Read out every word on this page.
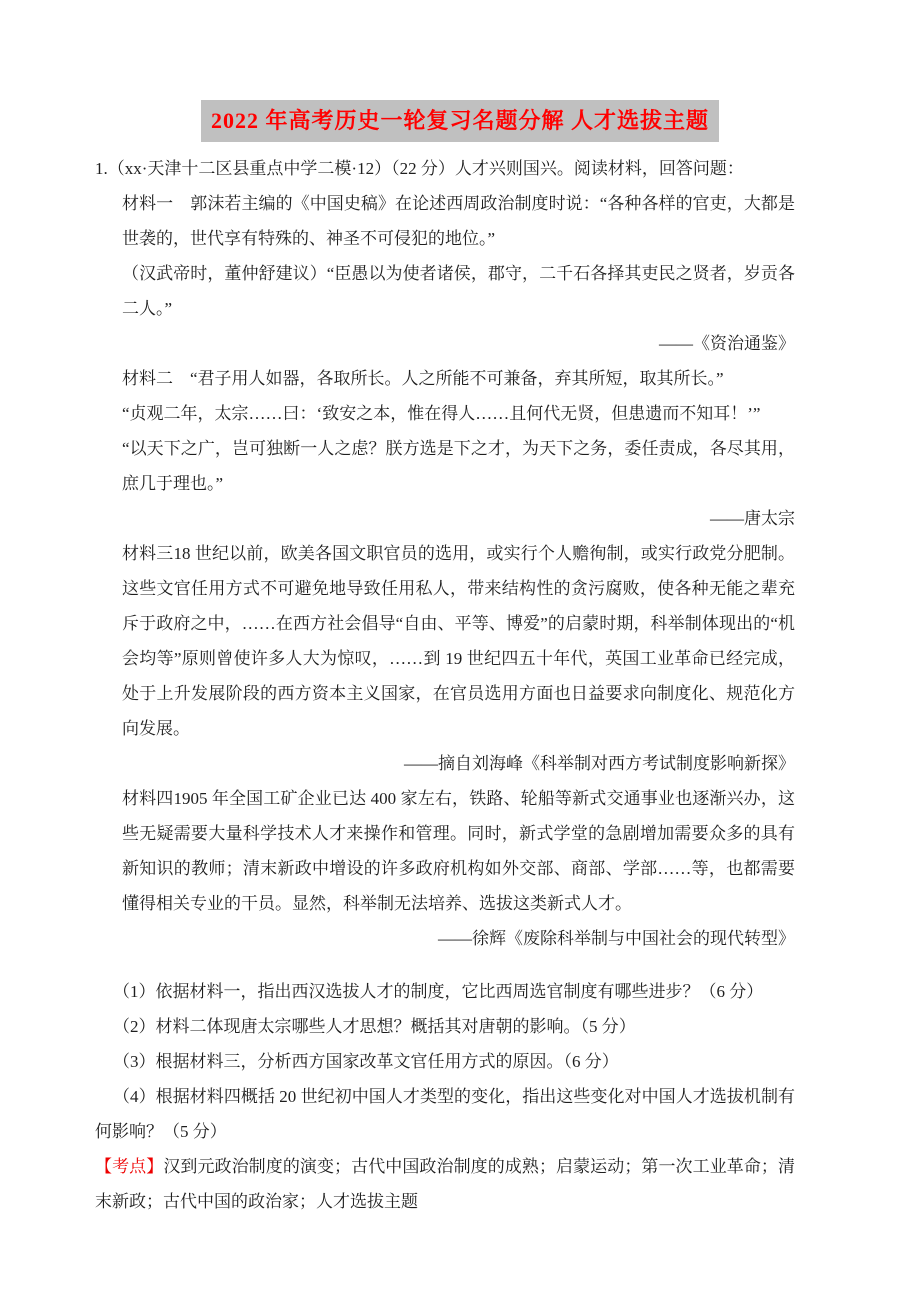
2022 年高考历史一轮复习名题分解 人才选拔主题

1.（xx·天津十二区县重点中学二模·12）（22 分）人才兴则国兴。阅读材料，回答问题：

材料一　郭沫若主编的《中国史稿》在论述西周政治制度时说：“各种各样的官吏，大都是世袭的，世代享有特殊的、神圣不可侵犯的地位。”

（汉武帝时，董仲舒建议）“臣愚以为使者诸侯，郡守，二千石各择其吏民之贤者，岁贡各二人。”

——《资治通鉴》

材料二　“君子用人如器，各取所长。人之所能不可兼备，弃其所短，取其所长。”

“贞观二年，太宗……曰：‘致安之本，惟在得人……且何代无贤，但患遗而不知耳！’”

“以天下之广，岂可独断一人之虑？朕方选是下之才，为天下之务，委任责成，各尽其用，庶几于理也。”

——唐太宗

材料三18 世纪以前，欧美各国文职官员的选用，或实行个人赡徇制，或实行政党分肥制。这些文官任用方式不可避免地导致任用私人，带来结构性的贪污腐败，使各种无能之辈充斥于政府之中，……在西方社会倡导“自由、平等、博爱”的启蒙时期，科举制体现出的“机会均等”原则曾使许多人大为惊叹，……到 19 世纪四五十年代，英国工业革命已经完成，处于上升发展阶段的西方资本主义国家，在官员选用方面也日益要求向制度化、规范化方向发展。

——摘自刘海峰《科举制对西方考试制度影响新探》

材料四1905 年全国工矿企业已达 400 家左右，铁路、轮船等新式交通事业也逐渐兴办，这些无疑需要大量科学技术人才来操作和管理。同时，新式学堂的急剧增加需要众多的具有新知识的教师；清末新政中增设的许多政府机构如外交部、商部、学部……等，也都需要懂得相关专业的干员。显然，科举制无法培养、选拔这类新式人才。

——徐辉《废除科举制与中国社会的现代转型》

（1）依据材料一，指出西汉选拔人才的制度，它比西周选官制度有哪些进步？（6 分）

（2）材料二体现唐太宗哪些人才思想？概括其对唐朝的影响。（5 分）

（3）根据材料三，分析西方国家改革文官任用方式的原因。（6 分）

（4）根据材料四概括 20 世纪初中国人才类型的变化，指出这些变化对中国人才选拔机制有何影响？（5 分）

【考点】汉到元政治制度的演变；古代中国政治制度的成熟；启蒙运动；第一次工业革命；清末新政；古代中国的政治家；人才选拔主题
